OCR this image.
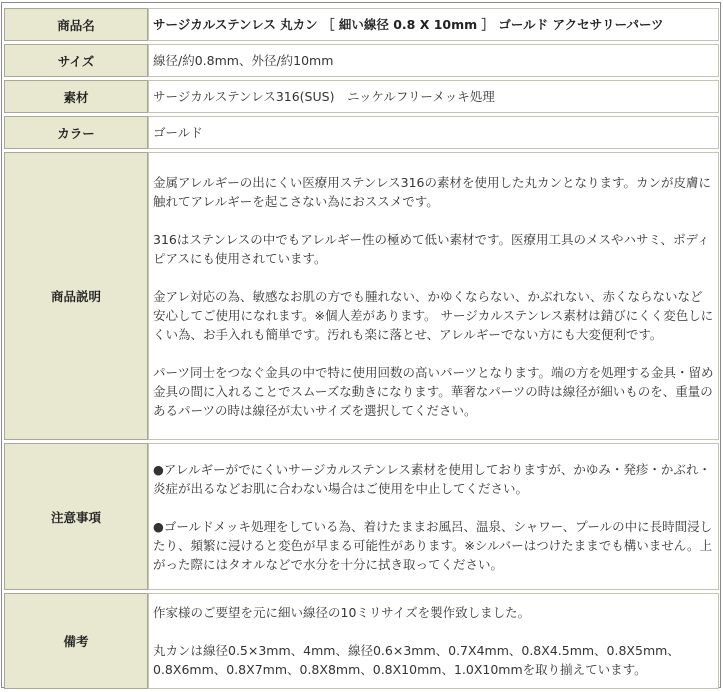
商品名	サージカルステンレス 丸カン ［ 細い線径 0.8 X 10mm ］ ゴールド アクセサリーパーツ
サイズ	線径/約0.8mm、外径/約10mm
素材	サージカルステンレス316(SUS)　ニッケルフリーメッキ処理
カラー	ゴールド
商品説明	金属アレルギーの出にくい医療用ステンレス316の素材を使用した丸カンとなります。カンが皮膚に触れてアレルギーを起こさない為におススメです。

316はステンレスの中でもアレルギー性の極めて低い素材です。医療用工具のメスやハサミ、ボディピアスにも使用されています。

金アレ対応の為、敏感なお肌の方でも腫れない、かゆくならない、かぶれない、赤くならないなど安心してご使用になれます。※個人差があります。 サージカルステンレス素材は錆びにくく変色しにくい為、お手入れも簡単です。汚れも楽に落とせ、アレルギーでない方にも大変便利です。

パーツ同士をつなぐ金具の中で特に使用回数の高いパーツとなります。端の方を処理する金具・留め金具の間に入れることでスムーズな動きになります。華奢なパーツの時は線径が細いものを、重量のあるパーツの時は線径が太いサイズを選択してください。

注意事項	●アレルギーがでにくいサージカルステンレス素材を使用しておりますが、かゆみ・発疹・かぶれ・炎症が出るなどお肌に合わない場合はご使用を中止してください。

●ゴールドメッキ処理をしている為、着けたままお風呂、温泉、シャワー、プールの中に長時間浸したり、頻繁に浸けると変色が早まる可能性があります。※シルバーはつけたままでも構いません。上がった際にはタオルなどで水分を十分に拭き取ってください。

備考	作家様のご要望を元に細い線径の10ミリサイズを製作致しました。

丸カンは線径0.5×3mm、4mm、線径0.6×3mm、0.7X4mm、0.8X4.5mm、0.8X5mm、0.8X6mm、0.8X7mm、0.8X8mm、0.8X10mm、1.0X10mmを取り揃えています。
